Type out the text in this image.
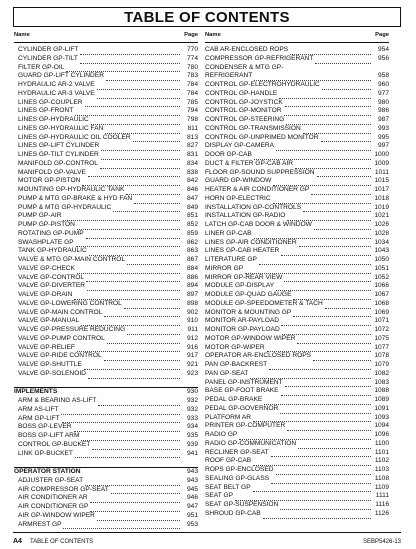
TABLE OF CONTENTS
Name	Page
CYLINDER GP-LIFT	770
CYLINDER GP-TILT	774
FILTER GP-OIL	780
GUARD GP-LIFT CYLINDER	783
HYDRAULIC AR-2 VALVE	784
HYDRAULIC AR-3 VALVE	784
LINES GP-COUPLER	785
LINES GP-FRONT	794
LINES GP-HYDRAULIC	798
LINES GP-HYDRAULIC FAN	811
LINES GP-HYDRAULIC OIL COOLER	813
LINES GP-LIFT CYLINDER	827
LINES GP-TILT CYLINDER	831
MANIFOLD GP-CONTROL	834
MANIFOLD GP-VALVE	838
MOTOR GP-PISTON	842
MOUNTING GP-HYDRAULIC TANK	846
PUMP & MTG GP-BRAKE & HYD FAN	847
PUMP & MTG GP-HYDRAULIC	849
PUMP GP-AIR	851
PUMP GP-PISTON	852
ROTATING GP-PUMP	859
SWASHPLATE GP	862
TANK GP-HYDRAULIC	863
VALVE & MTG GP-MAIN CONTROL	867
VALVE GP-CHECK	884
VALVE GP-CONTROL	886
VALVE GP-DIVERTER	894
VALVE GP-DRAIN	897
VALVE GP-LOWERING CONTROL	898
VALVE GP-MAIN CONTROL	902
VALVE GP-MANUAL	910
VALVE GP-PRESSURE REDUCING	911
VALVE GP-PUMP CONTROL	912
VALVE GP-RELIEF	916
VALVE GP-RIDE CONTROL	917
VALVE GP-SHUTTLE	921
VALVE GP-SOLENOID	923
IMPLEMENTS	930
ARM & BEARING AS-LIFT	932
ARM AS-LIFT	932
ARM GP-LIFT	933
BOSS GP-LEVER	934
BOSS GP-LIFT ARM	935
CONTROL GP-BUCKET	939
LINK GP-BUCKET	941
OPERATOR STATION	943
ADJUSTER GP-SEAT	943
AIR COMPRESSOR GP-SEAT	945
AIR CONDITIONER AR	946
AIR CONDITIONER GP	947
AIR GP-WINDOW WIPER	951
ARMREST GP	953
Name	Page
CAB AR-ENCLOSED ROPS	954
COMPRESSOR GP-REFRIGERANT	956
CONDENSER & MTG GP-
REFRIGERANT	958
CONTROL GP-ELECTROHYDRAULIC	960
CONTROL GP-HANDLE	977
CONTROL GP-JOYSTICK	980
CONTROL GP-MONITOR	986
CONTROL GP-STEERING	987
CONTROL GP-TRANSMISSION	993
CONTROL GP-UNPRIMED MONITOR	995
DISPLAY GP-CAMERA	997
DOOR GP-CAB	1000
DUCT & FILTER GP-CAB AIR	1009
FLOOR GP-SOUND SUPPRESSION	1011
GUARD GP-WINDOW	1015
HEATER & AIR CONDITIONER GP	1017
HORN GP-ELECTRIC	1018
INSTALLATION GP-CONTROLS	1019
INSTALLATION GP-RADIO	1021
LATCH GP-CAB DOOR & WINDOW	1026
LINER GP-CAB	1028
LINES GP-AIR CONDITIONER	1034
LINES GP-CAB HEATER	1043
LITERATURE GP	1050
MIRROR GP	1051
MIRROR GP-REAR VIEW	1052
MODULE GP-DISPLAY	1066
MODULE GP-QUAD GAUGE	1067
MODULE GP-SPEEDOMETER & TACH	1068
MONITOR & MOUNTING GP	1069
MONITOR AR-PAYLOAD	1071
MONITOR GP-PAYLOAD	1072
MOTOR GP-WINDOW WIPER	1075
MOTOR GP-WIPER	1077
OPERATOR AR-ENCLOSED ROPS	1078
PAN GP-BACKREST	1079
PAN GP-SEAT	1082
PANEL GP-INSTRUMENT	1083
BASE GP-FOOT BRAKE	1088
PEDAL GP-BRAKE	1089
PEDAL GP-GOVERNOR	1091
PLATFORM AR	1093
PRINTER GP-COMPUTER	1094
RADIO GP	1096
RADIO GP-COMMUNICATION	1100
RECLINER GP-SEAT	1101
ROOF GP-CAB	1102
ROPS GP-ENCLOSED	1103
SEALING GP-GLASS	1108
SEAT BELT GP	1109
SEAT GP	1111
SEAT GP-SUSPENSION	1116
SHROUD GP-CAB	1126
A4 TABLE OF CONTENTS	SEBP5426-13
